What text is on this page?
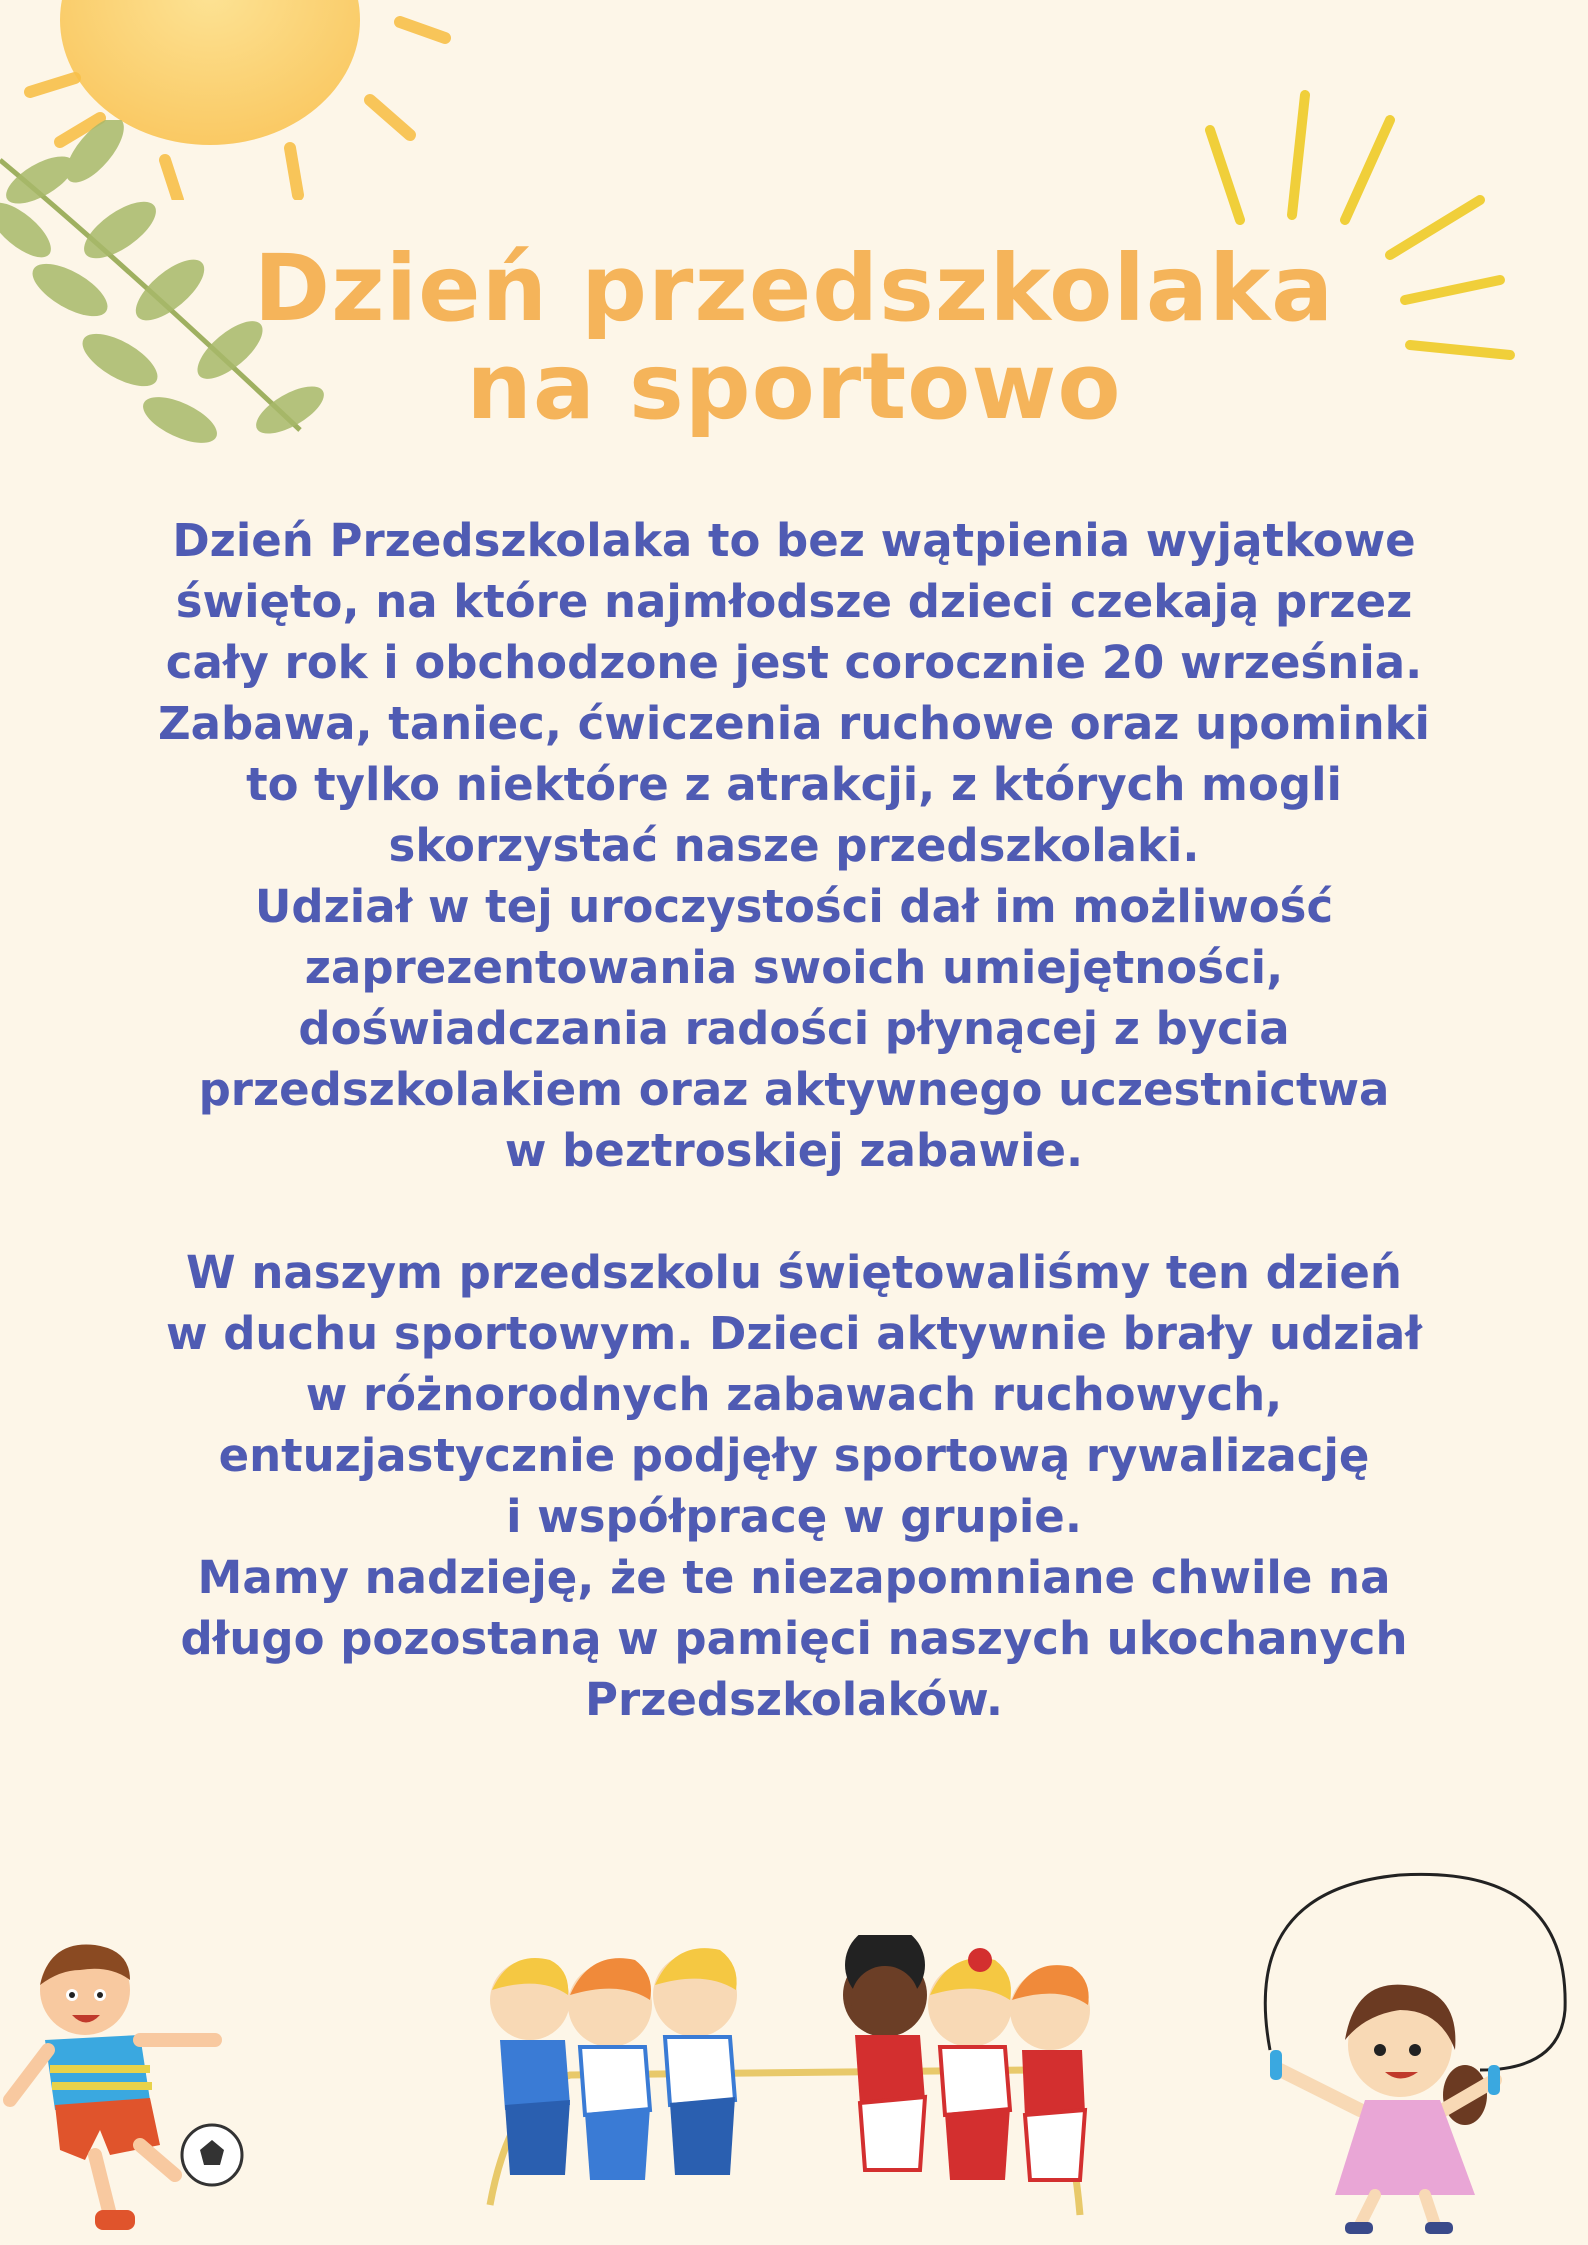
Dzień przedszkolaka
na sportowo
Dzień Przedszkolaka to bez wątpienia wyjątkowe
święto, na które najmłodsze dzieci czekają przez
cały rok i obchodzone jest corocznie 20 września.
Zabawa, taniec, ćwiczenia ruchowe oraz upominki
to tylko niektóre z atrakcji, z których mogli
skorzystać nasze przedszkolaki.
Udział w tej uroczystości dał im możliwość
zaprezentowania swoich umiejętności,
doświadczania radości płynącej z bycia
przedszkolakiem oraz aktywnego uczestnictwa
w beztroskiej zabawie.
W naszym przedszkolu świętowaliśmy ten dzień
w duchu sportowym. Dzieci aktywnie brały udział
w różnorodnych zabawach ruchowych,
entuzjastycznie podjęły sportową rywalizację
i współpracę w grupie.
Mamy nadzieję, że te niezapomniane chwile na
długo pozostaną w pamięci naszych ukochanych
Przedszkolaków.
